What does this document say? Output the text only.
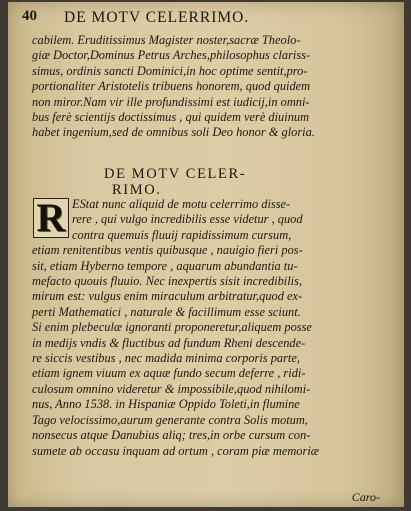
40 DE MOTV CELERRIMO.

cabilem. Eruditissimus Magister noster,sacræ Theolo-
giæ Doctor,Dominus Petrus Arches,philosophus clariss-
simus, ordinis sancti Dominici,in hoc optime sentit,pro-
portionaliter Aristotelis tribuens honorem, quod quidem
non miror.Nam vir ille profundissimi est iudicij,in omni-
bus ferè scientijs doctissimus , qui quidem verè diuinum
habet ingenium,sed de omnibus soli Deo honor & gloria.

DE MOTV CELER-
RIMO.
R EStat nunc aliquid de motu celerrimo disse-
rere , qui vulgo incredibilis esse videtur , quod
contra quemuis fluuij rapidissimum cursum,
etiam renitentibus ventis quibusque , nauigio fieri pos-
sit, etiam Hyberno tempore , aquarum abundantia tu-
mefacto quouis fluuio. Nec inexpertis sisit incredibilis,
mirum est: vulgus enim miraculum arbitratur,quod ex-
perti Mathematici , naturale & facillimum esse sciunt.
Si enim plebeculæ ignoranti proponeretur,aliquem posse
in medijs vndis & fluctibus ad fundum Rheni descende-
re siccis vestibus , nec madida minima corporis parte,
etiam ignem viuum ex aquæ fundo secum deferre , ridi-
culosum omnino videretur & impossibile,quod nihilomi-
nus, Anno 1538. in Hispaniæ Oppido Toleti,in flumine
Tago velocissimo,aurum generante contra Solis motum,
nonsecus atque Danubius aliq; tres,in orbe cursum con-
sumete ab occasu inquam ad ortum , coram piæ memoriæ

Caro-
